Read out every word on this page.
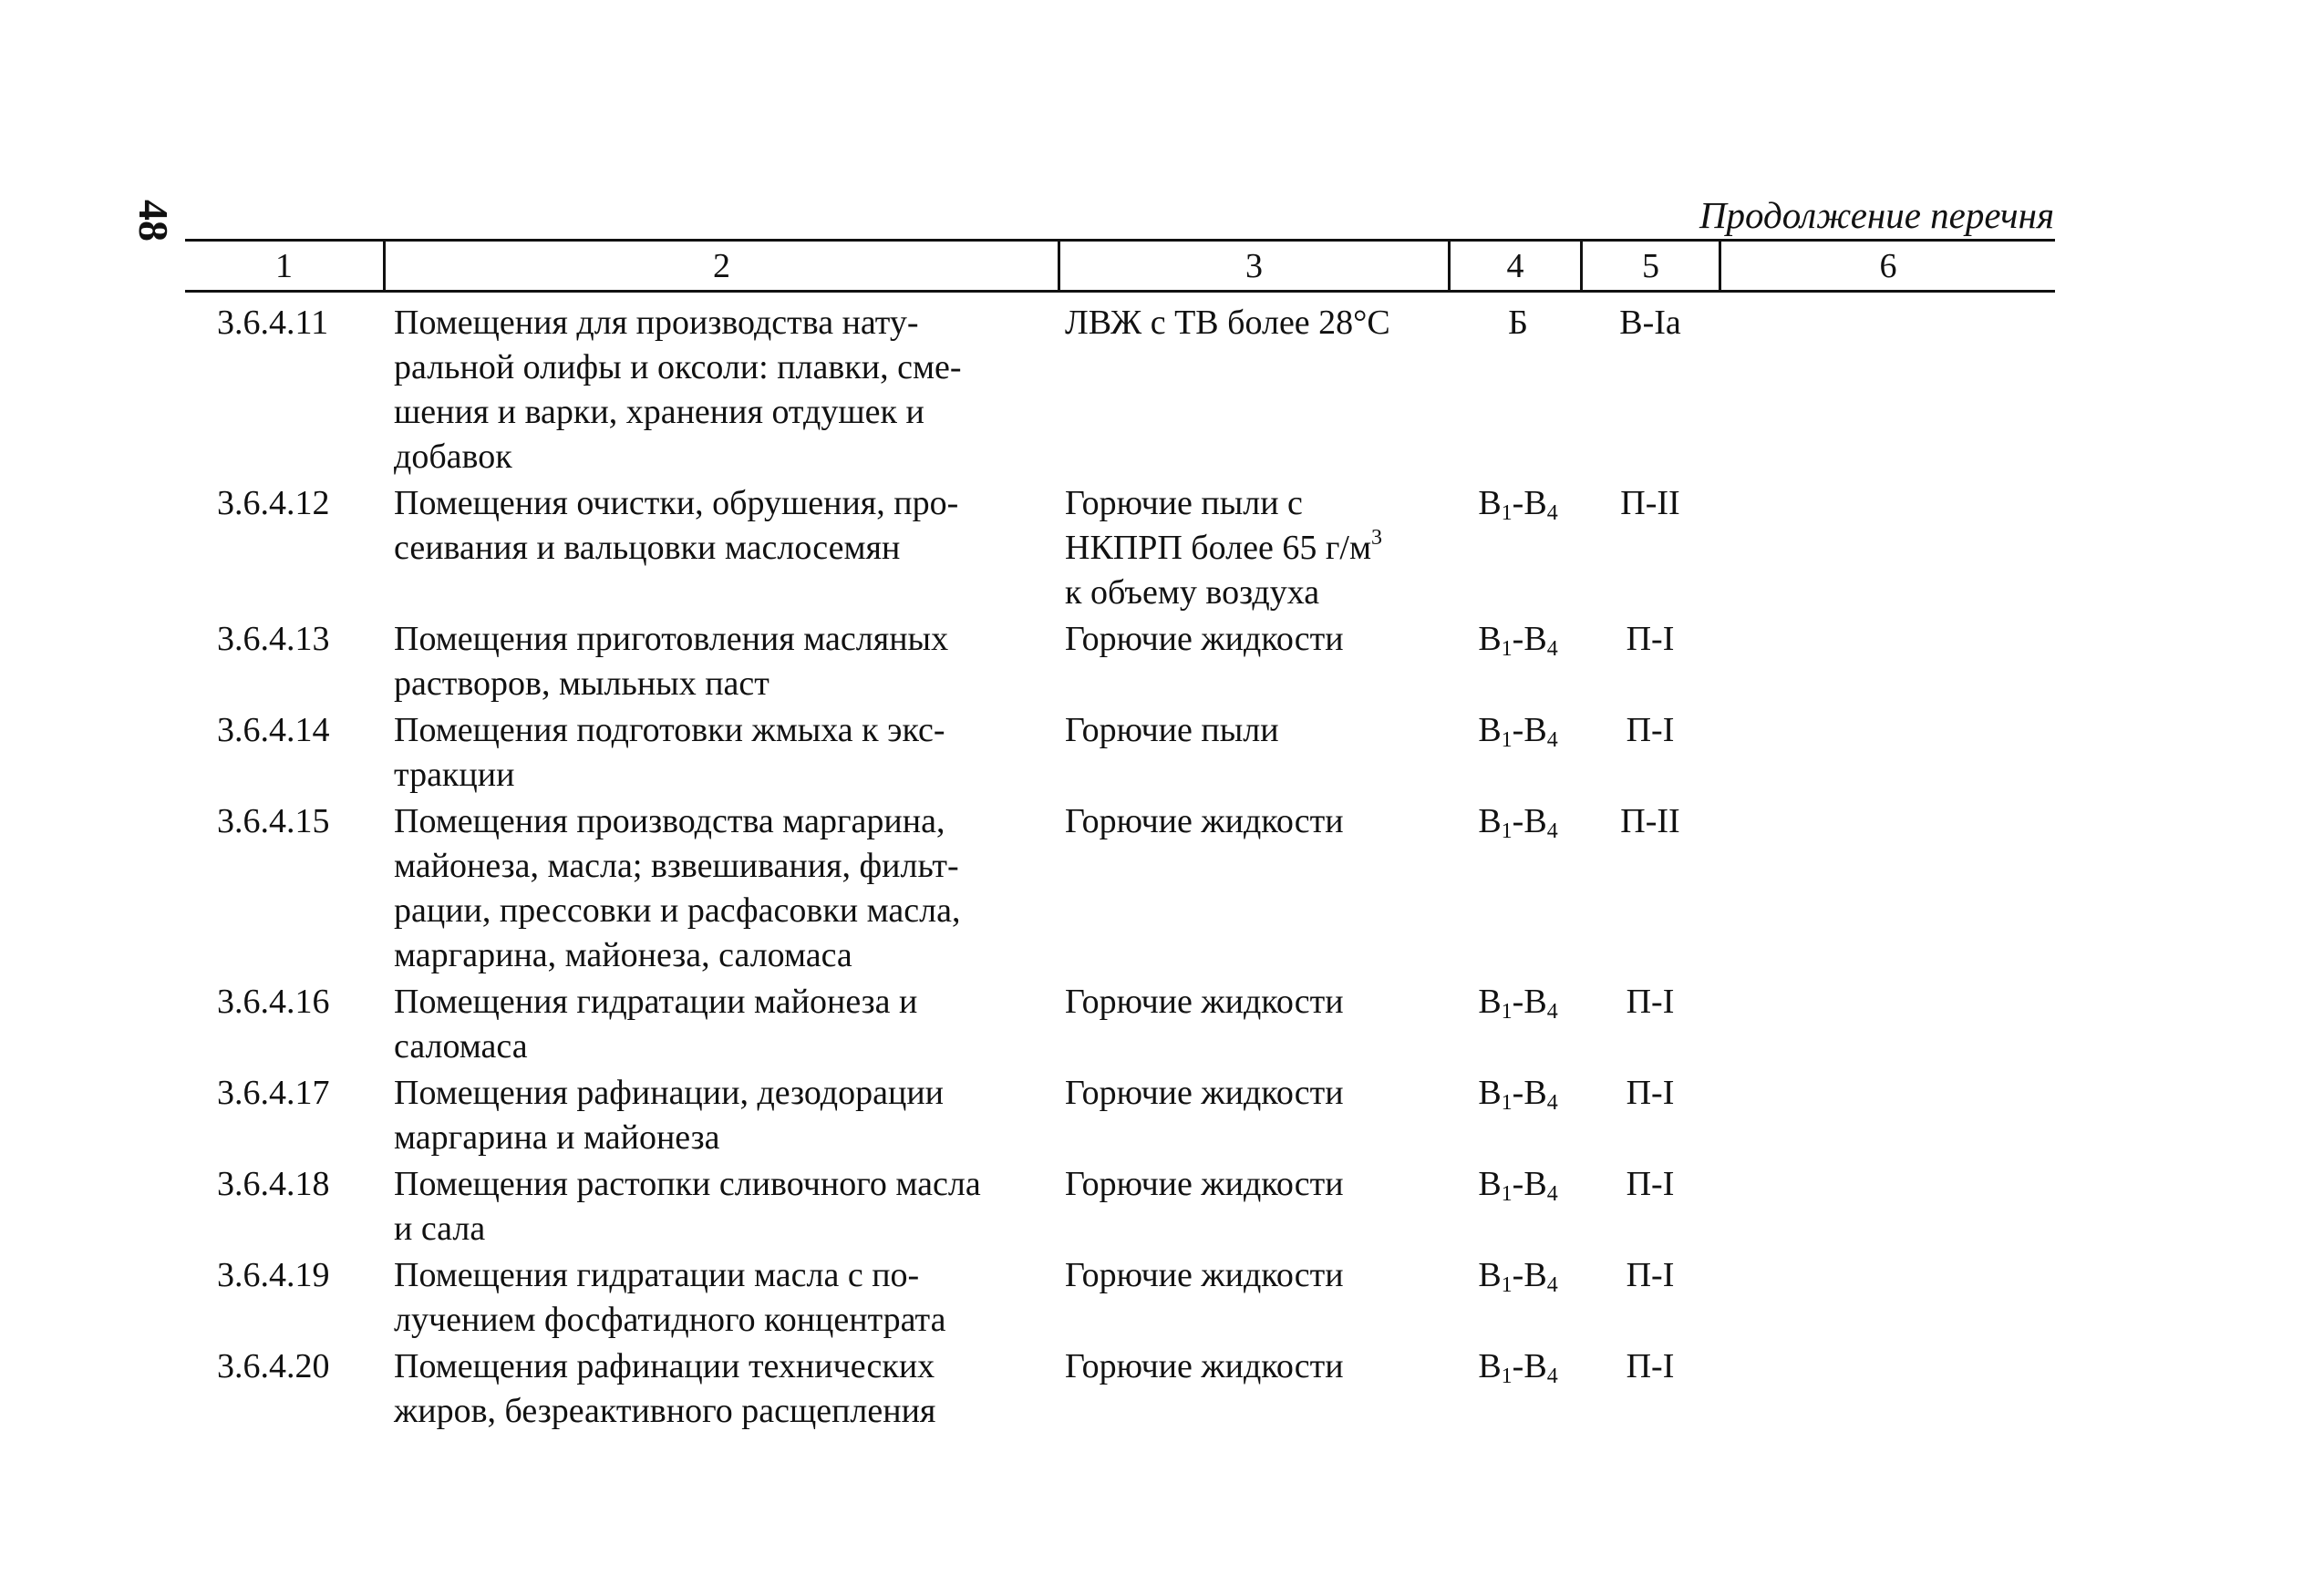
48	Продолжение перечня
1	2	3	4	5	6
3.6.4.11 Помещения для производства нату-
ральной олифы и оксоли: плавки, сме-
шения и варки, хранения отдушек и
добавок
ЛВЖ с ТВ более 28°С	Б	В-Iа
3.6.4.12 Помещения очистки, обрушения, про-
сеивания и вальцовки маслосемян
Горючие пыли с
НКПРП более 65 $г/м^3$
к объему воздуха
$В_1-В_4$	П-II
3.6.4.13 Помещения приготовления масляных
растворов, мыльных паст
Горючие жидкости	$В_1-В_4$	П-I
3.6.4.14 Помещения подготовки жмыха к экс-
тракции
Горючие пыли	$В_1-В_4$	П-I
3.6.4.15 Помещения производства маргарина,
майонеза, масла; взвешивания, фильт-
рации, прессовки и расфасовки масла,
маргарина, майонеза, саломаса
Горючие жидкости	$В_1-В_4$	П-II
3.6.4.16 Помещения гидратации майонеза и
саломаса
Горючие жидкости	$В_1-В_4$	П-I
3.6.4.17 Помещения рафинации, дезодорации
маргарина и майонеза
Горючие жидкости	$В_1-В_4$	П-I
3.6.4.18 Помещения растопки сливочного масла
и сала
Горючие жидкости	$В_1-В_4$	П-I
3.6.4.19 Помещения гидратации масла с по-
лучением фосфатидного концентрата
Горючие жидкости	$В_1-В_4$	П-I
3.6.4.20 Помещения рафинации технических
жиров, безреактивного расщепления
Горючие жидкости	$В_1-В_4$	П-I
